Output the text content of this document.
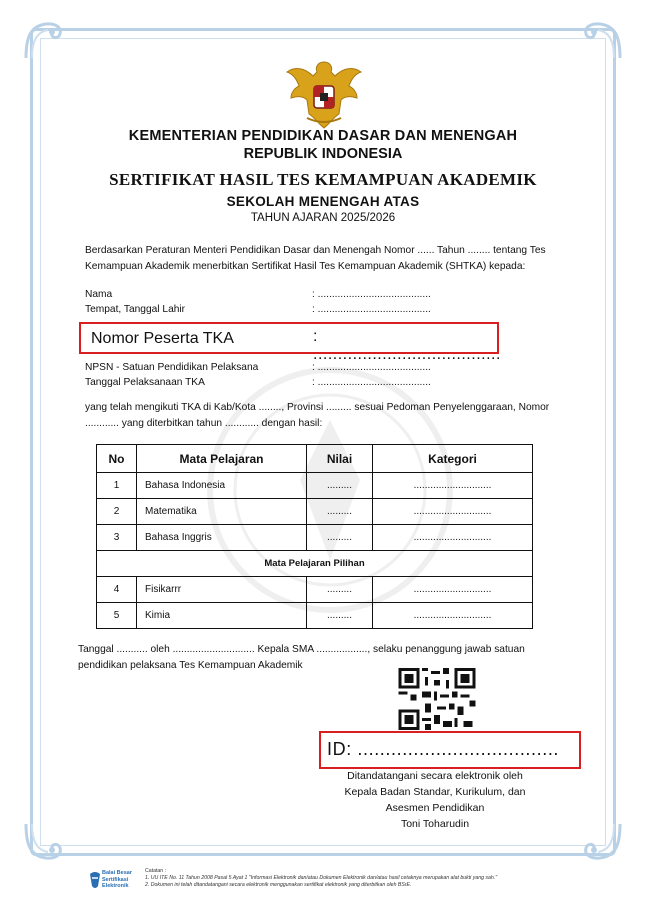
KEMENTERIAN PENDIDIKAN DASAR DAN MENENGAH
REPUBLIK INDONESIA
SERTIFIKAT HASIL TES KEMAMPUAN AKADEMIK
SEKOLAH MENENGAH ATAS
TAHUN AJARAN 2025/2026
Berdasarkan Peraturan Menteri Pendidikan Dasar dan Menengah Nomor ...... Tahun ........ tentang Tes Kemampuan Akademik menerbitkan Sertifikat Hasil Tes Kemampuan Akademik (SHTKA) kepada:
Nama	: ........................................
Tempat, Tanggal Lahir	: ........................................
Nomor Peserta TKA	: ......................................
NPSN - Satuan Pendidikan Pelaksana	: ........................................
Tanggal Pelaksanaan TKA	: ........................................
yang telah mengikuti TKA di Kab/Kota ........, Provinsi ......... sesuai Pedoman Penyelenggaraan, Nomor ............ yang diterbitkan tahun ............ dengan hasil:
No	Mata Pelajaran	Nilai	Kategori
1	Bahasa Indonesia	.........	............................
2	Matematika	.........	............................
3	Bahasa Inggris	.........	............................
Mata Pelajaran Pilihan			
4	Fisikarrr	.........	............................
5	Kimia	.........	............................
Tanggal ........... oleh ............................. Kepala SMA .................., selaku penanggung jawab satuan pendidikan pelaksana Tes Kemampuan Akademik
ID: ....................................
Ditandatangani secara elektronik oleh
Kepala Badan Standar, Kurikulum, dan
Asesmen Pendidikan
Toni Toharudin
Balai Besar
Sertifikasi
Elektronik
Catatan :
1. UU ITE No. 11 Tahun 2008 Pasal 5 Ayat 1 "Informasi Elektronik dan/atau Dokumen Elektronik dan/atau hasil cetaknya merupakan alat bukti yang sah."
2. Dokumen ini telah ditandatangani secara elektronik menggunakan sertifikat elektronik yang diterbitkan oleh BSrE.
